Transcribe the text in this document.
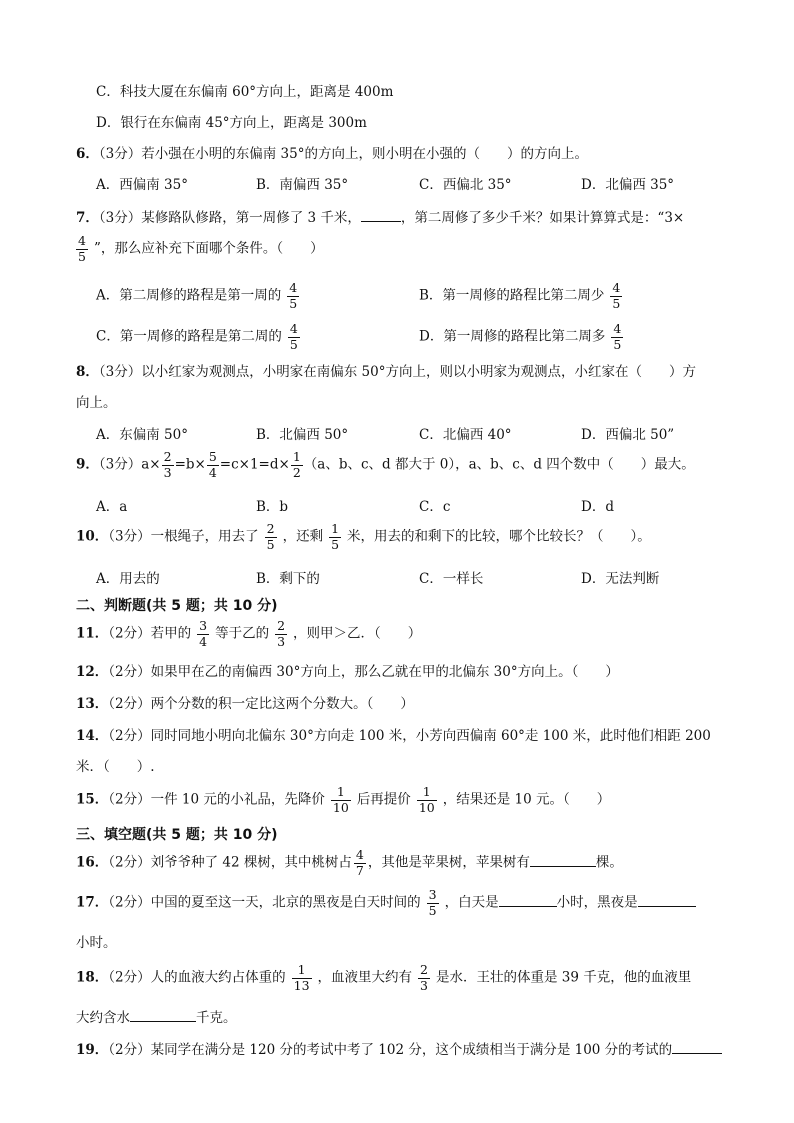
C．科技大厦在东偏南 60°方向上，距离是 400m
D．银行在东偏南 45°方向上，距离是 300m
6．（3分）若小强在小明的东偏南 35°的方向上，则小明在小强的（　　）的方向上。
A．西偏南 35°	B．南偏西 35°	C．西偏北 35°	D．北偏西 35°
7．（3分）某修路队修路，第一周修了 3 千米，	，第二周修了多少千米？如果计算算式是：“3×
$\frac{4}{5}$ ”，那么应补充下面哪个条件。（　　）
A．第二周修的路程是第一周的 $\frac{4}{5}$	B．第一周修的路程比第二周少 $\frac{4}{5}$
C．第一周修的路程是第二周的 $\frac{4}{5}$	D．第一周修的路程比第二周多 $\frac{4}{5}$
8．（3分）以小红家为观测点，小明家在南偏东 50°方向上，则以小明家为观测点，小红家在（　　）方
向上。
A．东偏南 50°	B．北偏西 50°	C．北偏西 40°	D．西偏北 50”
9．（3分）$a\times \frac{2}{3} =b\times \frac{5}{4} =c\times 1=d\times \frac{1}{2} (a$、b、c、d 都大于 0），a、b、c、d 四个数中（　　）最大。
A．a	B．b	C．c	D．d
10．（3分）一根绳子，用去了 $\frac{2}{5}$ ，还剩 $\frac{1}{5}$ 米，用去的和剩下的比较，哪个比较长？（　　）。
A．用去的	B．剩下的	C．一样长	D．无法判断
二、判断题(共 5 题；共 10 分)
11．（2分）若甲的 $\frac{3}{4}$ 等于乙的 $\frac{2}{3}$ ，则甲＞乙．（　　）
12．（2分）如果甲在乙的南偏西 30°方向上，那么乙就在甲的北偏东 30°方向上。（　　）
13．（2分）两个分数的积一定比这两个分数大。（　　）
14．（2分）同时同地小明向北偏东 30°方向走 100 米，小芳向西偏南 60°走 100 米，此时他们相距 200
米．（　　）.
15．（2分）一件 10 元的小礼品，先降价 $\frac{1}{10}$ 后再提价 $\frac{1}{10}$ ，结果还是 10 元。（　　）
三、填空题(共 5 题；共 10 分)
16．（2分）刘爷爷种了 42 棵树，其中桃树占 $\frac{4}{7}$ ，其他是苹果树，苹果树有	棵。
17．（2分）中国的夏至这一天，北京的黑夜是白天时间的 $\frac{3}{5}$ ，白天是	小时，黑夜是
小时。
18．（2分）人的血液大约占体重的 $\frac{1}{13}$ ，血液里大约有 $\frac{2}{3}$ 是水．王壮的体重是 39 千克，他的血液里
大约含水	千克。
19．（2分）某同学在满分是 120 分的考试中考了 102 分，这个成绩相当于满分是 100 分的考试的
